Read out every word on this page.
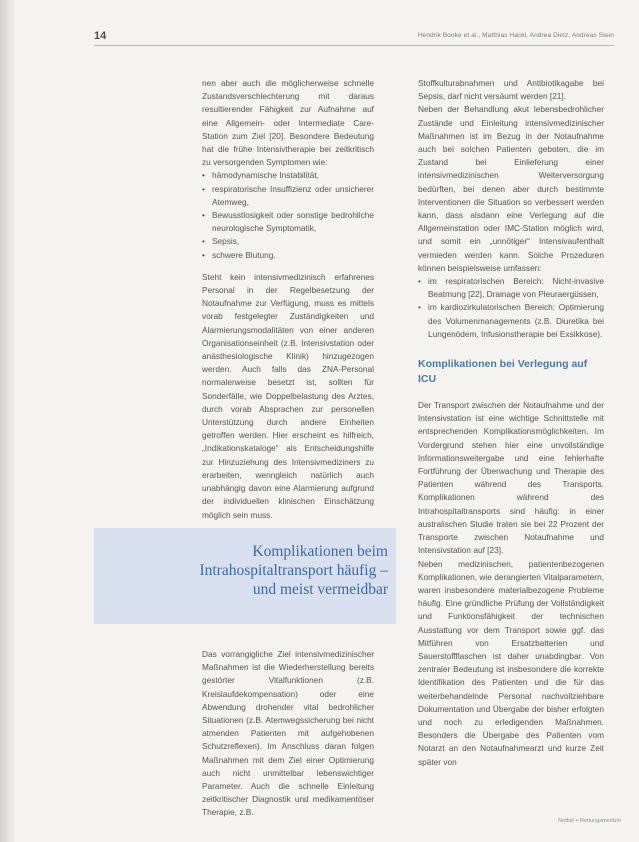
14	Hendrik Booke et al., Matthias Hackl, Andrea Dietz, Andreas Stein

nen aber auch die möglicherweise schnelle Zustandsverschlechterung mit daraus resultierender Fähigkeit zur Aufnahme auf eine Allgemein- oder Intermediate Care-Station zum Ziel [20]. Besondere Bedeutung hat die frühe Intensivtherapie bei zeitkritisch zu versorgenden Symptomen wie:

• hämodynamische Instabilität,
• respiratorische Insuffizienz oder unsicherer Atemweg,
• Bewusstlosigkeit oder sonstige bedrohliche neurologische Symptomatik,
• Sepsis,
• schwere Blutung.

Steht kein intensivmedizinisch erfahrenes Personal in der Regelbesetzung der Notaufnahme zur Verfügung, muss es mittels vorab festgelegter Zuständigkeiten und Alarmierungsmodalitäten von einer anderen Organisationseinheit (z.B. Intensivstation oder anästhesiologische Klinik) hinzugezogen werden. Auch falls das ZNA-Personal normalerweise besetzt ist, sollten für Sonderfälle, wie Doppelbelastung des Arztes, durch vorab Absprachen zur personellen Unterstützung durch andere Einheiten getroffen werden. Hier erscheint es hilfreich, „Indikationskataloge“ als Entscheidungshilfe zur Hinzuziehung des Intensivmediziners zu erarbeiten, wenngleich natürlich auch unabhängig davon eine Alarmierung aufgrund der individuellen klinischen Einschätzung möglich sein muss.

Komplikationen beim
Intrahospitaltransport häufig –
und meist vermeidbar

Das vorrangigliche Ziel intensivmedizinischer Maßnahmen ist die Wiederherstellung bereits gestörter Vitalfunktionen (z.B. Kreislaufdekompensation) oder eine Abwendung drohender vital bedrohlicher Situationen (z.B. Atemwegssicherung bei nicht atmenden Patienten mit aufgehobenen Schutzreflexen). Im Anschluss daran folgen Maßnahmen mit dem Ziel einer Optimierung auch nicht unmittelbar lebenswichtiger Parameter. Auch die schnelle Einleitung zeitkritischer Diagnostik und medikamentöser Therapie, z.B.

Stoffkulturabnahmen und Antibiotikagabe bei Sepsis, darf nicht versäumt werden [21].

Neben der Behandlung akut lebensbedrohlicher Zustände und Einleitung intensivmedizinischer Maßnahmen ist im Bezug in der Notaufnahme auch bei solchen Patienten geboten, die im Zustand bei Einlieferung einer intensivmedizinischen Weiterversorgung bedürften, bei denen aber durch bestimmte Interventionen die Situation so verbessert werden kann, dass alsdann eine Verlegung auf die Allgemeinstation oder IMC-Station möglich wird, und somit ein „unnötiger“ Intensivaufenthalt vermieden werden kann. Solche Prozeduren können beispielsweise umfassen:

• im respiratorischen Bereich: Nicht-invasive Beatmung [22], Drainage von Pleuraergüssen,
• im kardiozirkulatorischen Bereich: Optimierung des Volumenmanagements (z.B. Diuretika bei Lungenödem, Infusionstherapie bei Exsikkose).
Komplikationen bei Verlegung auf ICU

Der Transport zwischen der Notaufnahme und der Intensivstation ist eine wichtige Schnittstelle mit entsprechenden Komplikationsmöglichkeiten. Im Vordergrund stehen hier eine unvollständige Informationsweitergabe und eine fehlerhafte Fortführung der Überwachung und Therapie des Patienten während des Transports. Komplikationen während des Intrahospitaltransports sind häufig: in einer australischen Studie traten sie bei 22 Prozent der Transporte zwischen Notaufnahme und Intensivstation auf [23].

Neben medizinischen, patientenbezogenen Komplikationen, wie derangierten Vitalparametern, waren insbesondere materialbezogene Probleme häufig. Eine gründliche Prüfung der Vollständigkeit und Funktionsfähigkeit der technischen Ausstattung vor dem Transport sowie ggf. das Mitführen von Ersatzbatterien und Sauerstoffflaschen ist daher unabdingbar. Von zentraler Bedeutung ist insbesondere die korrekte Identifikation des Patienten und die für das weiterbehandelnde Personal nachvollziehbare Dokumentation und Übergabe der bisher erfolgten und noch zu erledigenden Maßnahmen. Besonders die Übergabe des Patienten vom Notarzt an den Notaufnahmearzt und kurze Zeit später von

Notfall + Rettungsmedizin
